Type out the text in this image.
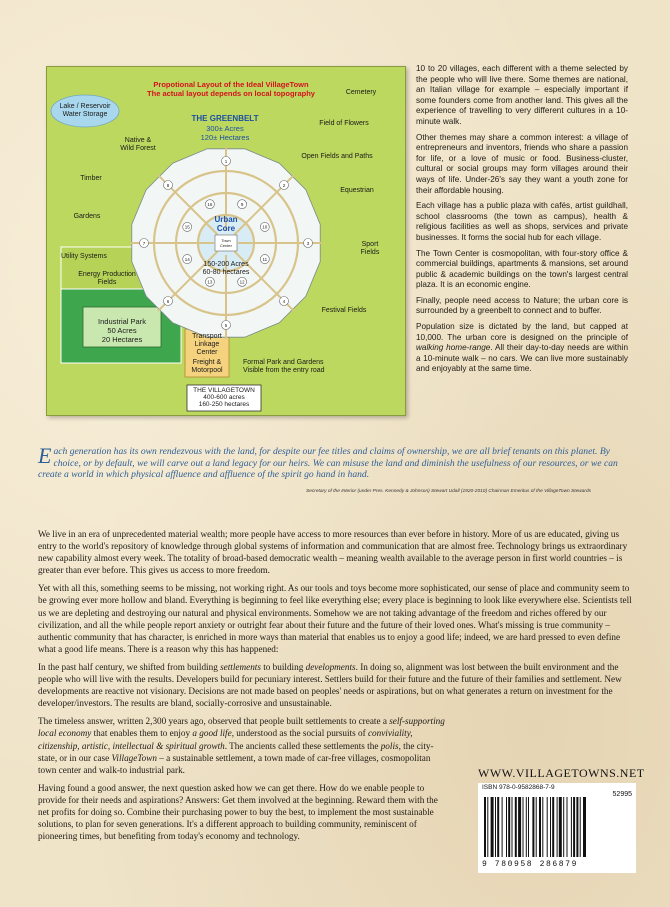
1
2
3
4
5
6
7
8
9
10
11
12
13
14
15
16
Propotional Layout of the Ideal VillageTown
The actual layout depends on local topography
Lake / Reservoir
Water Storage
Cemetery
Field of Flowers
THE GREENBELT
300± Acres
120± Hectares
Native &
Wild Forest
Open Fields and Paths
Timber
Equestrian
Gardens
Sport
Fields
Urban
Core
Town
Center
150-200 Acres
60-80 hectares
Utility Systems
Energy Production
Fields
Festival Fields
Industrial Park
50 Acres
20 Hectares	Transport
Linkage
Center
Freight &
Motorpool
Formal Park and Gardens
Visible from the entry road
THE VILLAGETOWN
400-600 acres
160-250 hectares

10 to 20 villages, each different with a theme selected by the people who will live there. Some themes are national, an Italian village for example – especially important if some founders come from another land. This gives all the experience of travelling to very different cultures in a 10-minute walk.

Other themes may share a common interest: a village of entrepreneurs and inventors, friends who share a passion for life, or a love of music or food. Business-cluster, cultural or social groups may form villages around their ways of life. Under-26's say they want a youth zone for their affordable housing.

Each village has a public plaza with cafés, artist guildhall, school classrooms (the town as campus), health & religious facilities as well as shops, services and private businesses. It forms the social hub for each village.

The Town Center is cosmopolitan, with four-story office & commercial buildings, apartments & mansions, set around public & academic buildings on the town's largest central plaza. It is an economic engine.

Finally, people need access to Nature; the urban core is surrounded by a greenbelt to connect and to buffer.

Population size is dictated by the land, but capped at 10,000. The urban core is designed on the principle of walking home-range. All their day-to-day needs are within a 10-minute walk – no cars. We can live more sustainably and enjoyably at the same time.

Each generation has its own rendezvous with the land, for despite our fee titles and claims of ownership, we are all brief tenants on this planet. By choice, or by default, we will carve out a land legacy for our heirs. We can misuse the land and diminish the usefulness of our resources, or we can create a world in which physical affluence and affluence of the spirit go hand in hand.
Secretary of the Interior (under Pres. Kennedy & Johnson) Stewart Udall (1920-2010) Chairman Emeritus of the VillageTown Stewards

We live in an era of unprecedented material wealth; more people have access to more resources than ever before in history. More of us are educated, giving us entry to the world's repository of knowledge through global systems of information and communication that are almost free. Technology brings us extraordinary new capability almost every week. The totality of broad-based democratic wealth – meaning wealth available to the average person in first world countries – is greater than ever before. This gives us access to more freedom.

Yet with all this, something seems to be missing, not working right. As our tools and toys become more sophisticated, our sense of place and community seem to be growing ever more hollow and bland. Everything is beginning to feel like everything else; every place is beginning to look like everywhere else. Scientists tell us we are depleting and destroying our natural and physical environments. Somehow we are not taking advantage of the freedom and riches offered by our civilization, and all the while people report anxiety or outright fear about their future and the future of their loved ones. What's missing is true community – authentic community that has character, is enriched in more ways than material that enables us to enjoy a good life; indeed, we are hard pressed to even define what a good life means. There is a reason why this has happened:

In the past half century, we shifted from building settlements to building developments. In doing so, alignment was lost between the built environment and the people who will live with the results. Developers build for pecuniary interest. Settlers build for their future and the future of their families and settlement. New developments are reactive not visionary. Decisions are not made based on peoples' needs or aspirations, but on what generates a return on investment for the developer/investors. The results are bland, socially-corrosive and unsustainable.

The timeless answer, written 2,300 years ago, observed that people built settlements to create a self-supporting local economy that enables them to enjoy a good life, understood as the social pursuits of conviviality, citizenship, artistic, intellectual & spiritual growth. The ancients called these settlements the polis, the city-state, or in our case VillageTown – a sustainable settlement, a town made of car-free villages, cosmopolitan town center and walk-to industrial park.

Having found a good answer, the next question asked how we can get there. How do we enable people to provide for their needs and aspirations? Answers: Get them involved at the beginning. Reward them with the net profits for doing so. Combine their purchasing power to buy the best, to implement the most sustainable solutions, to plan for seven generations. It's a different approach to building community, reminiscent of pioneering times, but benefiting from today's economy and technology.

WWW.VILLAGETOWNS.NET
ISBN 978-0-9582868-7-9
52995
9 780958 286879
